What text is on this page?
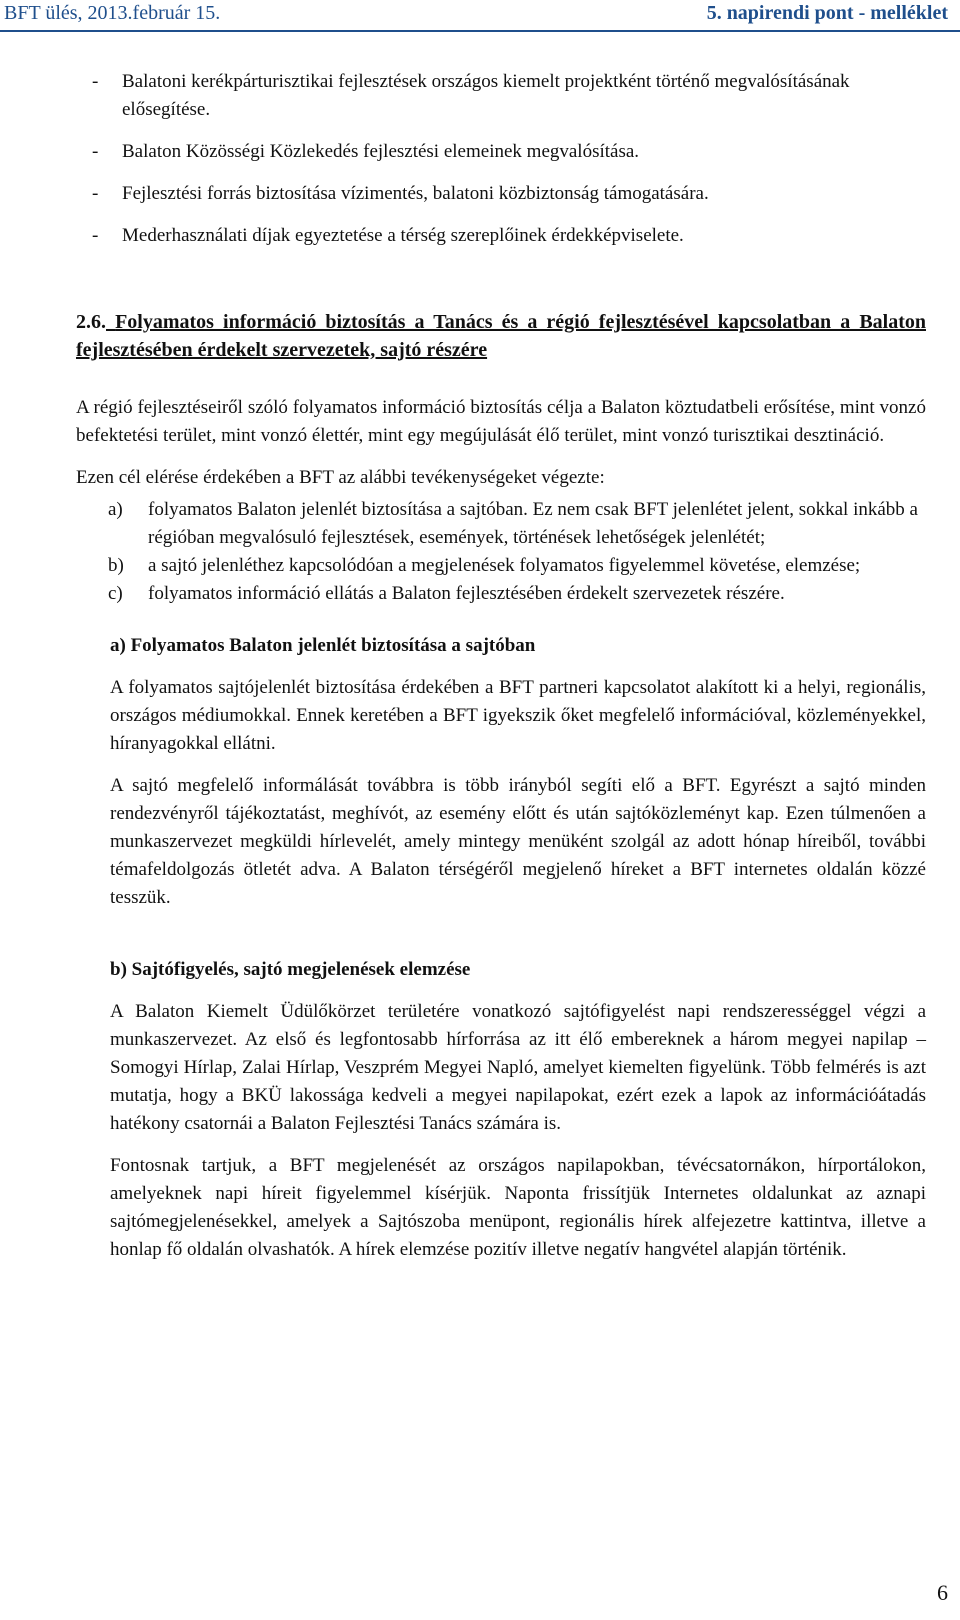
BFT ülés, 2013.február 15.	5. napirendi pont - melléklet
- Balatoni kerékpárturisztikai fejlesztések országos kiemelt projektként történő megvalósításának elősegítése.
- Balaton Közösségi Közlekedés fejlesztési elemeinek megvalósítása.
- Fejlesztési forrás biztosítása vízimentés, balatoni közbiztonság támogatására.
- Mederhasználati díjak egyeztetése a térség szereplőinek érdekképviselete.
2.6. Folyamatos információ biztosítás a Tanács és a régió fejlesztésével kapcsolatban a Balaton fejlesztésében érdekelt szervezetek, sajtó részére

A régió fejlesztéseiről szóló folyamatos információ biztosítás célja a Balaton köztudatbeli erősítése, mint vonzó befektetési terület, mint vonzó élettér, mint egy megújulását élő terület, mint vonzó turisztikai desztináció.

Ezen cél elérése érdekében a BFT az alábbi tevékenységeket végezte:

a) folyamatos Balaton jelenlét biztosítása a sajtóban. Ez nem csak BFT jelenlétet jelent, sokkal inkább a régióban megvalósuló fejlesztések, események, történések lehetőségek jelenlétét;
b) a sajtó jelenléthez kapcsolódóan a megjelenések folyamatos figyelemmel követése, elemzése;
c) folyamatos információ ellátás a Balaton fejlesztésében érdekelt szervezetek részére.
a) Folyamatos Balaton jelenlét biztosítása a sajtóban

A folyamatos sajtójelenlét biztosítása érdekében a BFT partneri kapcsolatot alakított ki a helyi, regionális, országos médiumokkal. Ennek keretében a BFT igyekszik őket megfelelő információval, közleményekkel, híranyagokkal ellátni.

A sajtó megfelelő informálását továbbra is több irányból segíti elő a BFT. Egyrészt a sajtó minden rendezvényről tájékoztatást, meghívót, az esemény előtt és után sajtóközleményt kap. Ezen túlmenően a munkaszervezet megküldi hírlevelét, amely mintegy menüként szolgál az adott hónap híreiből, további témafeldolgozás ötletét adva. A Balaton térségéről megjelenő híreket a BFT internetes oldalán közzé tesszük.

b) Sajtófigyelés, sajtó megjelenések elemzése

A Balaton Kiemelt Üdülőkörzet területére vonatkozó sajtófigyelést napi rendszerességgel végzi a munkaszervezet. Az első és legfontosabb hírforrása az itt élő embereknek a három megyei napilap – Somogyi Hírlap, Zalai Hírlap, Veszprém Megyei Napló, amelyet kiemelten figyelünk. Több felmérés is azt mutatja, hogy a BKÜ lakossága kedveli a megyei napilapokat, ezért ezek a lapok az információátadás hatékony csatornái a Balaton Fejlesztési Tanács számára is.

Fontosnak tartjuk, a BFT megjelenését az országos napilapokban, tévécsatornákon, hírportálokon, amelyeknek napi híreit figyelemmel kísérjük. Naponta frissítjük Internetes oldalunkat az aznapi sajtómegjelenésekkel, amelyek a Sajtószoba menüpont, regionális hírek alfejezetre kattintva, illetve a honlap fő oldalán olvashatók. A hírek elemzése pozitív illetve negatív hangvétel alapján történik.

6
